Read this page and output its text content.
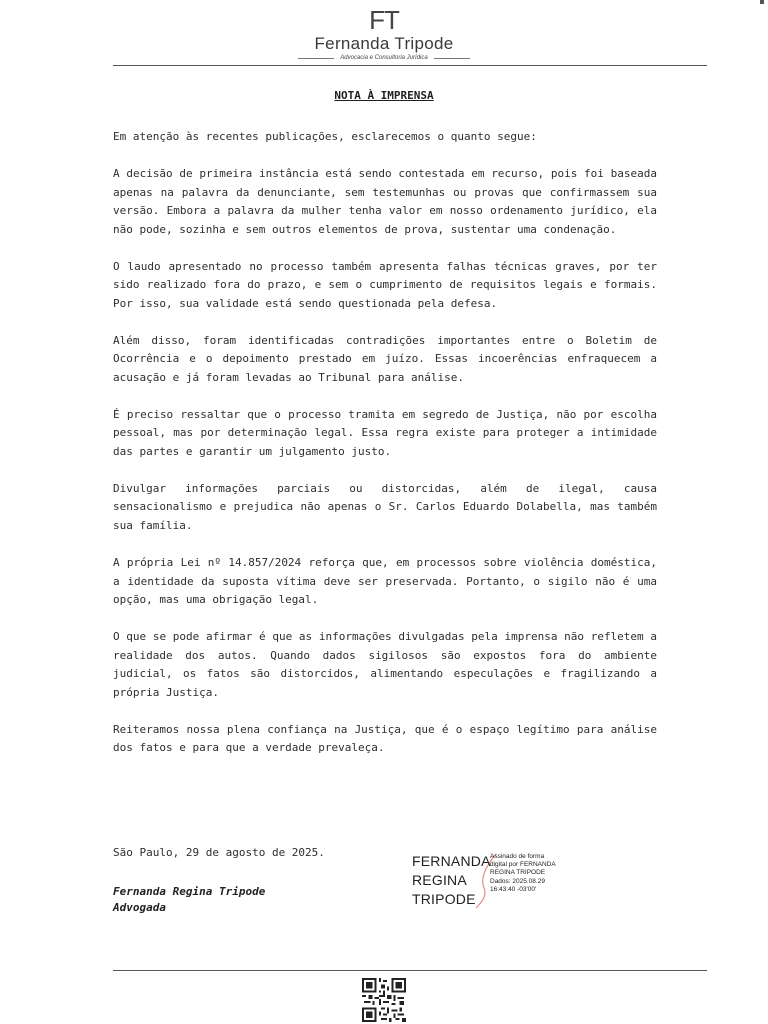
FT
Fernanda Tripode
Advocacia e Consultoria Jurídica
NOTA À IMPRENSA

Em atenção às recentes publicações, esclarecemos o quanto segue:

A decisão de primeira instância está sendo contestada em recurso, pois foi baseada apenas na palavra da denunciante, sem testemunhas ou provas que confirmassem sua versão. Embora a palavra da mulher tenha valor em nosso ordenamento jurídico, ela não pode, sozinha e sem outros elementos de prova, sustentar uma condenação.

O laudo apresentado no processo também apresenta falhas técnicas graves, por ter sido realizado fora do prazo, e sem o cumprimento de requisitos legais e formais. Por isso, sua validade está sendo questionada pela defesa.

Além disso, foram identificadas contradições importantes entre o Boletim de Ocorrência e o depoimento prestado em juízo. Essas incoerências enfraquecem a acusação e já foram levadas ao Tribunal para análise.

É preciso ressaltar que o processo tramita em segredo de Justiça, não por escolha pessoal, mas por determinação legal. Essa regra existe para proteger a intimidade das partes e garantir um julgamento justo.

Divulgar informações parciais ou distorcidas, além de ilegal, causa sensacionalismo e prejudica não apenas o Sr. Carlos Eduardo Dolabella, mas também sua família.

A própria Lei nº 14.857/2024 reforça que, em processos sobre violência doméstica, a identidade da suposta vítima deve ser preservada. Portanto, o sigilo não é uma opção, mas uma obrigação legal.

O que se pode afirmar é que as informações divulgadas pela imprensa não refletem a realidade dos autos. Quando dados sigilosos são expostos fora do ambiente judicial, os fatos são distorcidos, alimentando especulações e fragilizando a própria Justiça.

Reiteramos nossa plena confiança na Justiça, que é o espaço legítimo para análise dos fatos e para que a verdade prevaleça.

São Paulo, 29 de agosto de 2025.
Fernanda Regina Tripode
Advogada
FERNANDA
REGINA
TRIPODE
Assinado de forma
digital por FERNANDA
REGINA TRIPODE
Dados: 2025.08.29
16:43:40 -03'00'
